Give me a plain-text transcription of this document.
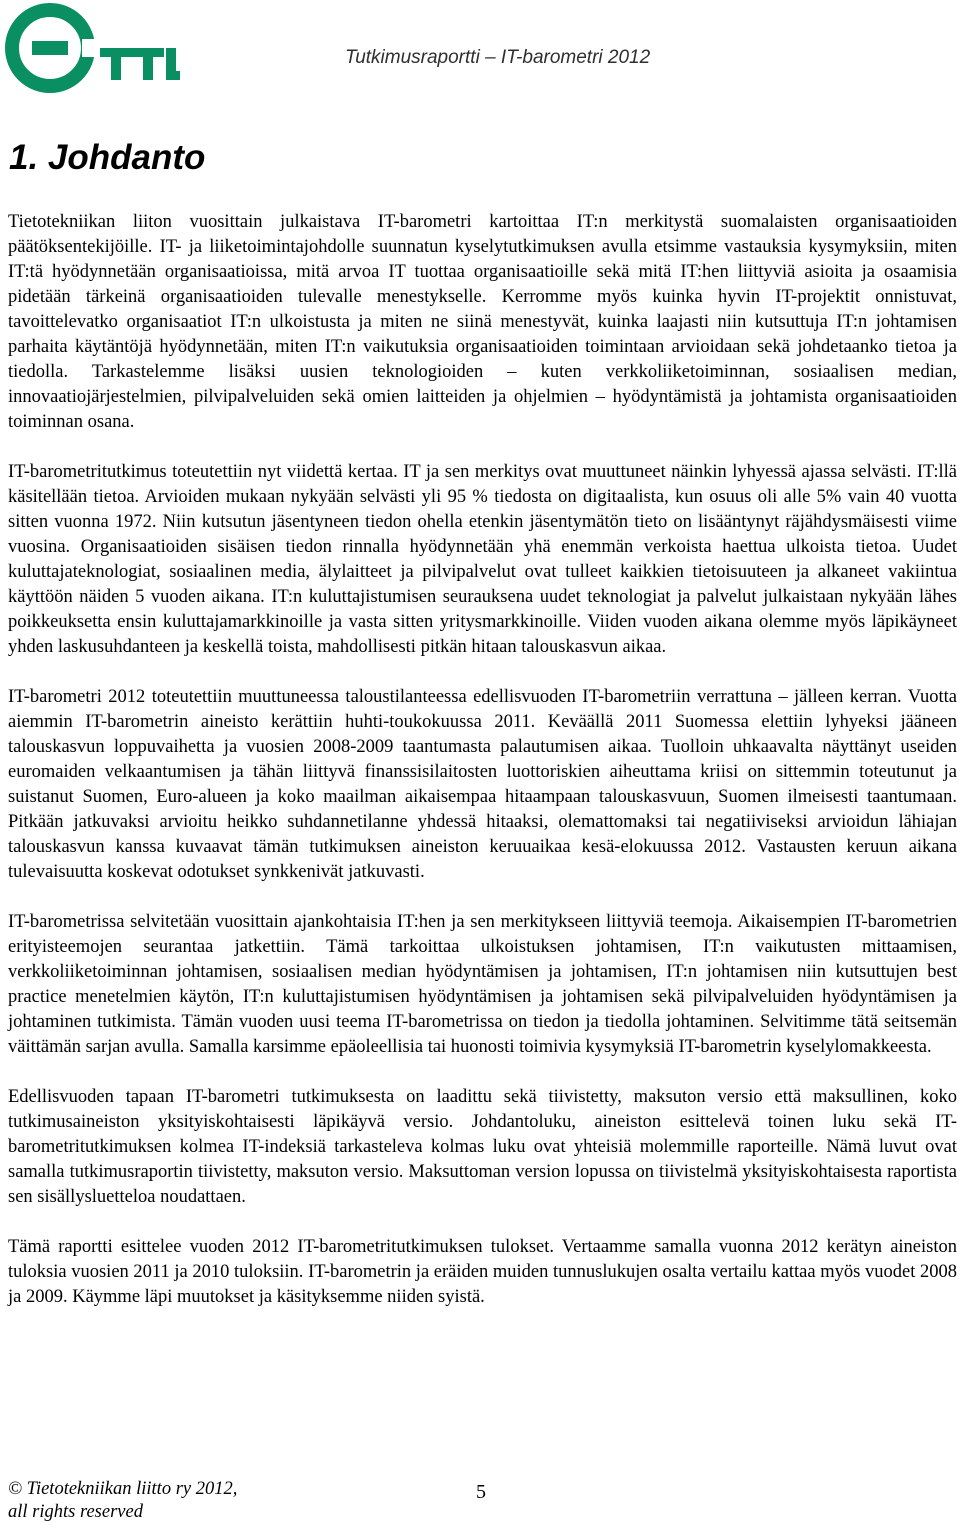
Tutkimusraportti – IT-barometri 2012
1. Johdanto

Tietotekniikan liiton vuosittain julkaistava IT-barometri kartoittaa IT:n merkitystä suomalaisten organisaatioiden päätöksentekijöille. IT- ja liiketoimintajohdolle suunnatun kyselytutkimuksen avulla etsimme vastauksia kysymyksiin, miten IT:tä hyödynnetään organisaatioissa, mitä arvoa IT tuottaa organisaatioille sekä mitä IT:hen liittyviä asioita ja osaamisia pidetään tärkeinä organisaatioiden tulevalle menestykselle. Kerromme myös kuinka hyvin IT-projektit onnistuvat, tavoittelevatko organisaatiot IT:n ulkoistusta ja miten ne siinä menestyvät, kuinka laajasti niin kutsuttuja IT:n johtamisen parhaita käytäntöjä hyödynnetään, miten IT:n vaikutuksia organisaatioiden toimintaan arvioidaan sekä johdetaanko tietoa ja tiedolla. Tarkastelemme lisäksi uusien teknologioiden – kuten verkkoliiketoiminnan, sosiaalisen median, innovaatiojärjestelmien, pilvipalveluiden sekä omien laitteiden ja ohjelmien – hyödyntämistä ja johtamista organisaatioiden toiminnan osana.

IT-barometritutkimus toteutettiin nyt viidettä kertaa. IT ja sen merkitys ovat muuttuneet näinkin lyhyessä ajassa selvästi. IT:llä käsitellään tietoa. Arvioiden mukaan nykyään selvästi yli 95 % tiedosta on digitaalista, kun osuus oli alle 5% vain 40 vuotta sitten vuonna 1972. Niin kutsutun jäsentyneen tiedon ohella etenkin jäsentymätön tieto on lisääntynyt räjähdysmäisesti viime vuosina. Organisaatioiden sisäisen tiedon rinnalla hyödynnetään yhä enemmän verkoista haettua ulkoista tietoa. Uudet kuluttajateknologiat, sosiaalinen media, älylaitteet ja pilvipalvelut ovat tulleet kaikkien tietoisuuteen ja alkaneet vakiintua käyttöön näiden 5 vuoden aikana. IT:n kuluttajistumisen seurauksena uudet teknologiat ja palvelut julkaistaan nykyään lähes poikkeuksetta ensin kuluttajamarkkinoille ja vasta sitten yritysmarkkinoille. Viiden vuoden aikana olemme myös läpikäyneet yhden laskusuhdanteen ja keskellä toista, mahdollisesti pitkän hitaan talouskasvun aikaa.

IT-barometri 2012 toteutettiin muuttuneessa taloustilanteessa edellisvuoden IT-barometriin verrattuna – jälleen kerran. Vuotta aiemmin IT-barometrin aineisto kerättiin huhti-toukokuussa 2011. Keväällä 2011 Suomessa elettiin lyhyeksi jääneen talouskasvun loppuvaihetta ja vuosien 2008-2009 taantumasta palautumisen aikaa. Tuolloin uhkaavalta näyttänyt useiden euromaiden velkaantumisen ja tähän liittyvä finanssisilaitosten luottoriskien aiheuttama kriisi on sittemmin toteutunut ja suistanut Suomen, Euro-alueen ja koko maailman aikaisempaa hitaampaan talouskasvuun, Suomen ilmeisesti taantumaan. Pitkään jatkuvaksi arvioitu heikko suhdannetilanne yhdessä hitaaksi, olemattomaksi tai negatiiviseksi arvioidun lähiajan talouskasvun kanssa kuvaavat tämän tutkimuksen aineiston keruuaikaa kesä-elokuussa 2012. Vastausten keruun aikana tulevaisuutta koskevat odotukset synkkenivät jatkuvasti.

IT-barometrissa selvitetään vuosittain ajankohtaisia IT:hen ja sen merkitykseen liittyviä teemoja. Aikaisempien IT-barometrien erityisteemojen seurantaa jatkettiin. Tämä tarkoittaa ulkoistuksen johtamisen, IT:n vaikutusten mittaamisen, verkkoliiketoiminnan johtamisen, sosiaalisen median hyödyntämisen ja johtamisen, IT:n johtamisen niin kutsuttujen best practice menetelmien käytön, IT:n kuluttajistumisen hyödyntämisen ja johtamisen sekä pilvipalveluiden hyödyntämisen ja johtaminen tutkimista. Tämän vuoden uusi teema IT-barometrissa on tiedon ja tiedolla johtaminen. Selvitimme tätä seitsemän väittämän sarjan avulla. Samalla karsimme epäoleellisia tai huonosti toimivia kysymyksiä IT-barometrin kyselylomakkeesta.

Edellisvuoden tapaan IT-barometri tutkimuksesta on laadittu sekä tiivistetty, maksuton versio että maksullinen, koko tutkimusaineiston yksityiskohtaisesti läpikäyvä versio. Johdantoluku, aineiston esittelevä toinen luku sekä IT-barometritutkimuksen kolmea IT-indeksiä tarkasteleva kolmas luku ovat yhteisiä molemmille raporteille. Nämä luvut ovat samalla tutkimusraportin tiivistetty, maksuton versio. Maksuttoman version lopussa on tiivistelmä yksityiskohtaisesta raportista sen sisällysluetteloa noudattaen.

Tämä raportti esittelee vuoden 2012 IT-barometritutkimuksen tulokset. Vertaamme samalla vuonna 2012 kerätyn aineiston tuloksia vuosien 2011 ja 2010 tuloksiin. IT-barometrin ja eräiden muiden tunnuslukujen osalta vertailu kattaa myös vuodet 2008 ja 2009. Käymme läpi muutokset ja käsityksemme niiden syistä.

© Tietotekniikan liitto ry 2012,
all rights reserved
5
